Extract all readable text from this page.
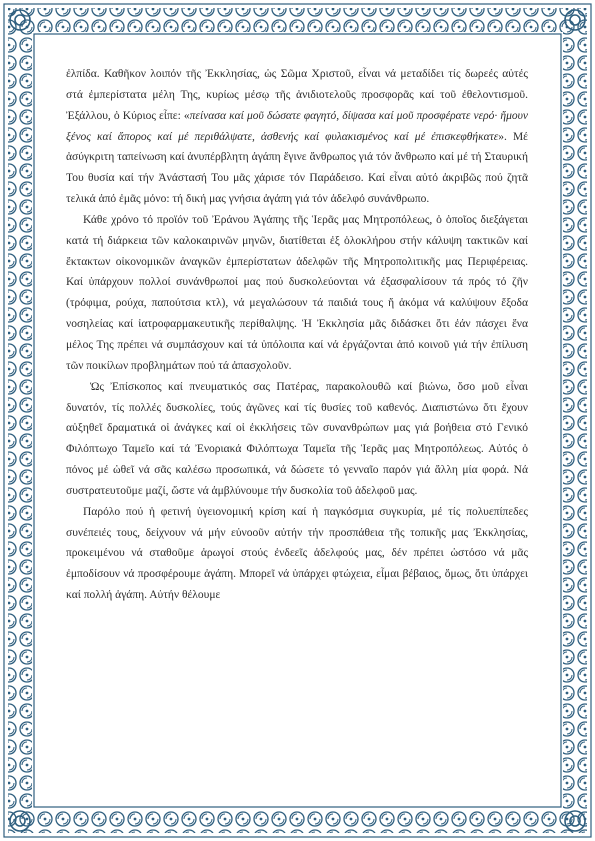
ἐλπίδα. Καθῆκον λοιπόν τῆς Ἐκκλησίας, ὡς Σῶμα Χριστοῦ, εἶναι νά μεταδίδει τίς δωρεές αὐτές στά ἐμπερίστατα μέλη Της, κυρίως μέσῳ τῆς ἀνιδιοτελοῦς προσφορᾶς καί τοῦ ἐθελοντισμοῦ. Ἐξάλλου, ὁ Κύριος εἶπε: «πείνασα καί μοῦ δώσατε φαγητό, δίψασα καί μοῦ προσφέρατε νερό· ἤμουν ξένος καί ἄπορος καί μέ περιθάλψατε, ἀσθενής καί φυλακισμένος καί μέ ἐπισκεφθήκατε». Μέ ἀσύγκριτη ταπείνωση καί ἀνυπέρβλητη ἀγάπη ἔγινε ἄνθρωπος γιά τόν ἄνθρωπο καί μέ τή Σταυρική Του θυσία καί τήν Ἀνάστασή Του μᾶς χάρισε τόν Παράδεισο. Καί εἶναι αὐτό ἀκριβῶς πού ζητᾶ τελικά ἀπό ἐμᾶς μόνο: τή δική μας γνήσια ἀγάπη γιά τόν ἀδελφό συνάνθρωπο.

Κάθε χρόνο τό προϊόν τοῦ Ἐράνου Ἀγάπης τῆς Ἱερᾶς μας Μητροπόλεως, ὁ ὁποῖος διεξάγεται κατά τή διάρκεια τῶν καλοκαιρινῶν μηνῶν, διατίθεται ἐξ ὁλοκλήρου στήν κάλυψη τακτικῶν καί ἔκτακτων οἰκονομικῶν ἀναγκῶν ἐμπερίστατων ἀδελφῶν τῆς Μητροπολιτικῆς μας Περιφέρειας. Καί ὑπάρχουν πολλοί συνάνθρωποί μας πού δυσκολεύονται νά ἐξασφαλίσουν τά πρός τό ζῆν (τρόφιμα, ρούχα, παπούτσια κτλ), νά μεγαλώσουν τά παιδιά τους ἤ ἀκόμα νά καλύψουν ἔξοδα νοσηλείας καί ἰατροφαρμακευτικῆς περίθαλψης. Ἡ Ἐκκλησία μᾶς διδάσκει ὅτι ἐάν πάσχει ἕνα μέλος Της πρέπει νά συμπάσχουν καί τά ὑπόλοιπα καί νά ἐργάζονται ἀπό κοινοῦ γιά τήν ἐπίλυση τῶν ποικίλων προβλημάτων πού τά ἀπασχολοῦν.

Ὡς Ἐπίσκοπος καί πνευματικός σας Πατέρας, παρακολουθῶ καί βιώνω, ὅσο μοῦ εἶναι δυνατόν, τίς πολλές δυσκολίες, τούς ἀγῶνες καί τίς θυσίες τοῦ καθενός. Διαπιστώνω ὅτι ἔχουν αὐξηθεῖ δραματικά οἱ ἀνάγκες καί οἱ ἐκκλήσεις τῶν συνανθρώπων μας γιά βοήθεια στό Γενικό Φιλόπτωχο Ταμεῖο καί τά Ἐνοριακά Φιλόπτωχα Ταμεῖα τῆς Ἱερᾶς μας Μητροπόλεως. Αὐτός ὁ πόνος μέ ὠθεῖ νά σᾶς καλέσω προσωπικά, νά δώσετε τό γενναῖο παρόν γιά ἄλλη μία φορά. Νά συστρατευτοῦμε μαζί, ὥστε νά ἀμβλύνουμε τήν δυσκολία τοῦ ἀδελφοῦ μας.

Παρόλο πού ἡ φετινή ὑγειονομική κρίση καί ἡ παγκόσμια συγκυρία, μέ τίς πολυεπίπεδες συνέπειές τους, δείχνουν νά μήν εὐνοοῦν αὐτήν τήν προσπάθεια τῆς τοπικῆς μας Ἐκκλησίας, προκειμένου νά σταθοῦμε ἀρωγοί στούς ἐνδεεῖς ἀδελφούς μας, δέν πρέπει ὡστόσο νά μᾶς ἐμποδίσουν νά προσφέρουμε ἀγάπη. Μπορεῖ νά ὑπάρχει φτώχεια, εἶμαι βέβαιος, ὅμως, ὅτι ὑπάρχει καί πολλή ἀγάπη. Αὐτήν θέλουμε
